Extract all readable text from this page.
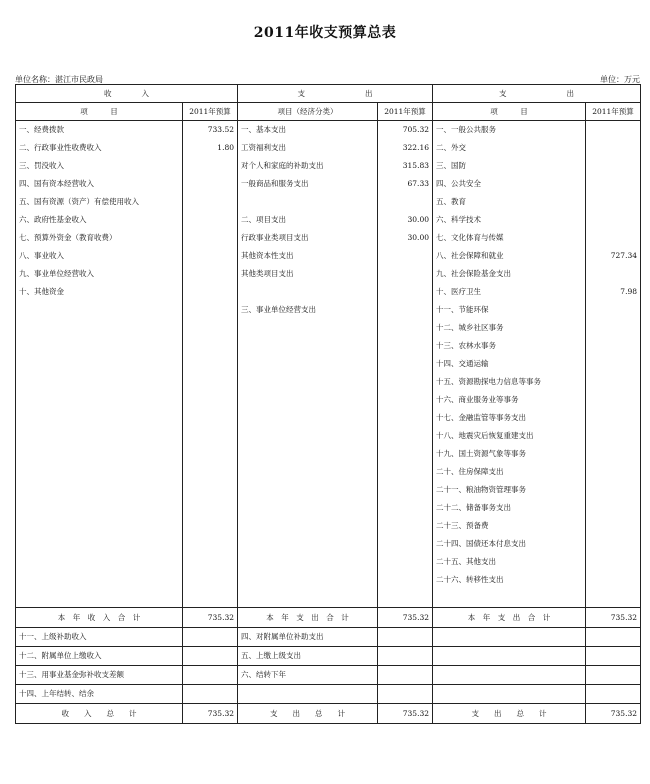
2011年收支预算总表
单位名称：湛江市民政局	单位：万元
收　　　　入		支　　　　　　　　出		支　　　　　　　　出	
项　　　目	2011年预算	项目（经济分类）	2011年预算	项　　　目	2011年预算
一、经费拨款	733.52	一、基本支出	705.32	一、一般公共服务	
二、行政事业性收费收入	1.80	工资福利支出	322.16	二、外交	
三、罚没收入		对个人和家庭的补助支出	315.83	三、国防	
四、国有资本经营收入		一般商品和服务支出	67.33	四、公共安全	
五、国有资源（资产）有偿使用收入				五、教育	
六、政府性基金收入		二、项目支出	30.00	六、科学技术	
七、预算外资金（教育收费）		行政事业类项目支出	30.00	七、文化体育与传媒	
八、事业收入		其他资本性支出		八、社会保障和就业	727.34
九、事业单位经营收入		其他类项目支出		九、社会保险基金支出	
十、其他资金				十、医疗卫生	7.98
		三、事业单位经营支出		十一、节能环保	
				十二、城乡社区事务	
				十三、农林水事务	
				十四、交通运输	
				十五、资源勘探电力信息等事务	
				十六、商业服务业等事务	
				十七、金融监管等事务支出	
				十八、地震灾后恢复重建支出	
				十九、国土资源气象等事务	
				二十、住房保障支出	
				二十一、粮油物资管理事务	
				二十二、储备事务支出	
				二十三、预备费	
				二十四、国债还本付息支出	
				二十五、其他支出	
				二十六、转移性支出	

本　年　收　入　合　计	735.32	本　年　支　出　合　计	735.32	本　年　支　出　合　计	735.32
十一、上级补助收入		四、对附属单位补助支出			
十二、附属单位上缴收入		五、上缴上级支出			
十三、用事业基金弥补收支差额		六、结转下年			
十四、上年结转、结余					
收　　入　　总　　计	735.32	支　　出　　总　　计	735.32	支　　出　　总　　计	735.32
